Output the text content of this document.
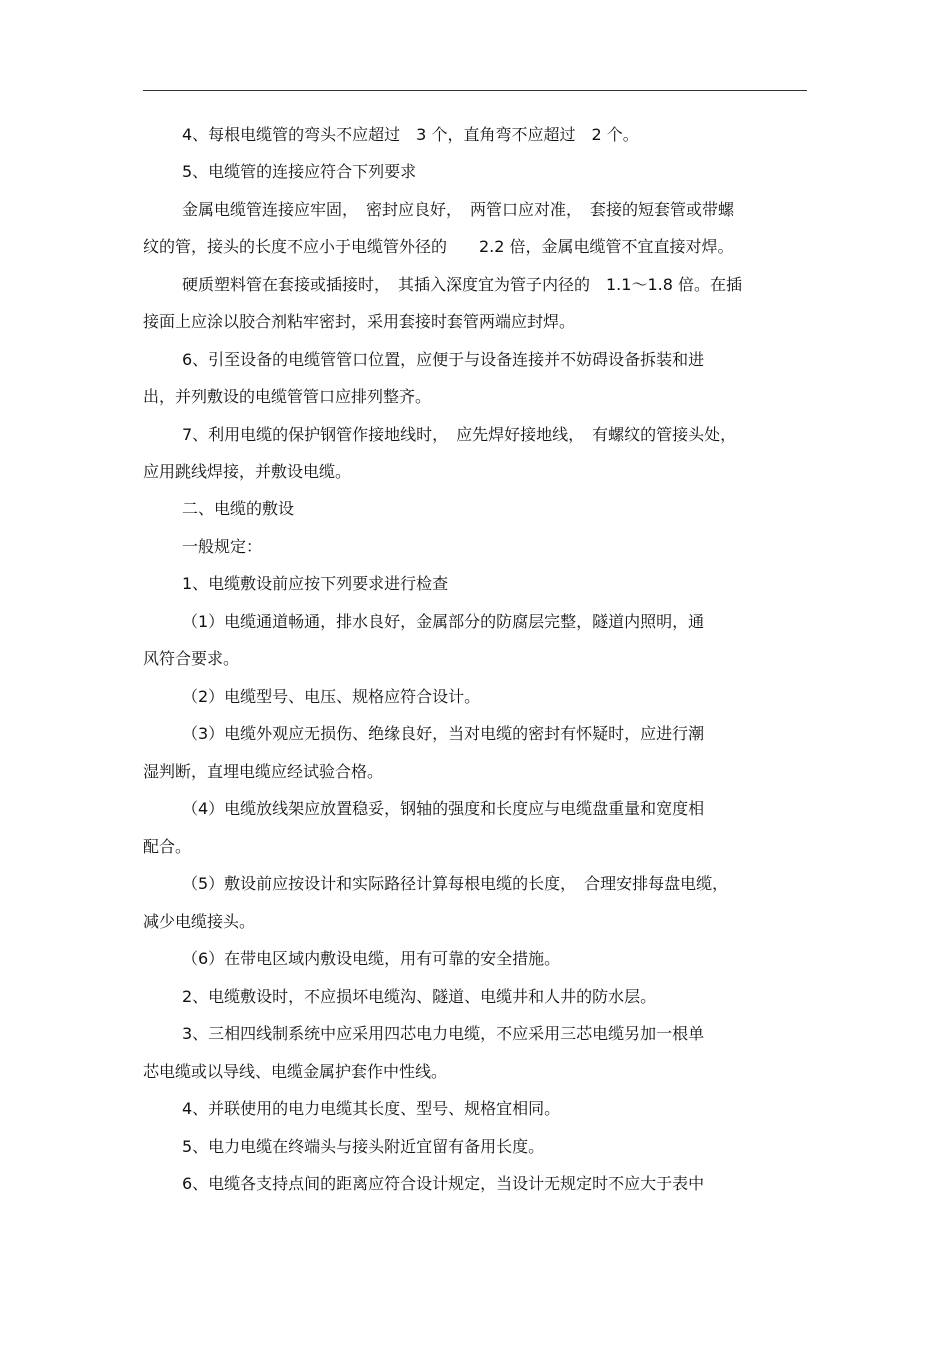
4、每根电缆管的弯头不应超过　3 个，直角弯不应超过　2 个。
5、电缆管的连接应符合下列要求
金属电缆管连接应牢固，　密封应良好，　两管口应对准，　套接的短套管或带螺
纹的管，接头的长度不应小于电缆管外径的　　2.2 倍，金属电缆管不宜直接对焊。
硬质塑料管在套接或插接时，　其插入深度宜为管子内径的　1.1～1.8 倍。在插
接面上应涂以胶合剂粘牢密封，采用套接时套管两端应封焊。
6、引至设备的电缆管管口位置，应便于与设备连接并不妨碍设备拆装和进
出，并列敷设的电缆管管口应排列整齐。
7、利用电缆的保护钢管作接地线时，　应先焊好接地线，　有螺纹的管接头处，
应用跳线焊接，并敷设电缆。
二、电缆的敷设
一般规定：
1、电缆敷设前应按下列要求进行检查
（1）电缆通道畅通，排水良好，金属部分的防腐层完整，隧道内照明，通
风符合要求。
（2）电缆型号、电压、规格应符合设计。
（3）电缆外观应无损伤、绝缘良好，当对电缆的密封有怀疑时，应进行潮
湿判断，直埋电缆应经试验合格。
（4）电缆放线架应放置稳妥，钢轴的强度和长度应与电缆盘重量和宽度相
配合。
（5）敷设前应按设计和实际路径计算每根电缆的长度，　合理安排每盘电缆，
减少电缆接头。
（6）在带电区域内敷设电缆，用有可靠的安全措施。
2、电缆敷设时，不应损坏电缆沟、隧道、电缆井和人井的防水层。
3、三相四线制系统中应采用四芯电力电缆，不应采用三芯电缆另加一根单
芯电缆或以导线、电缆金属护套作中性线。
4、并联使用的电力电缆其长度、型号、规格宜相同。
5、电力电缆在终端头与接头附近宜留有备用长度。
6、电缆各支持点间的距离应符合设计规定，当设计无规定时不应大于表中
